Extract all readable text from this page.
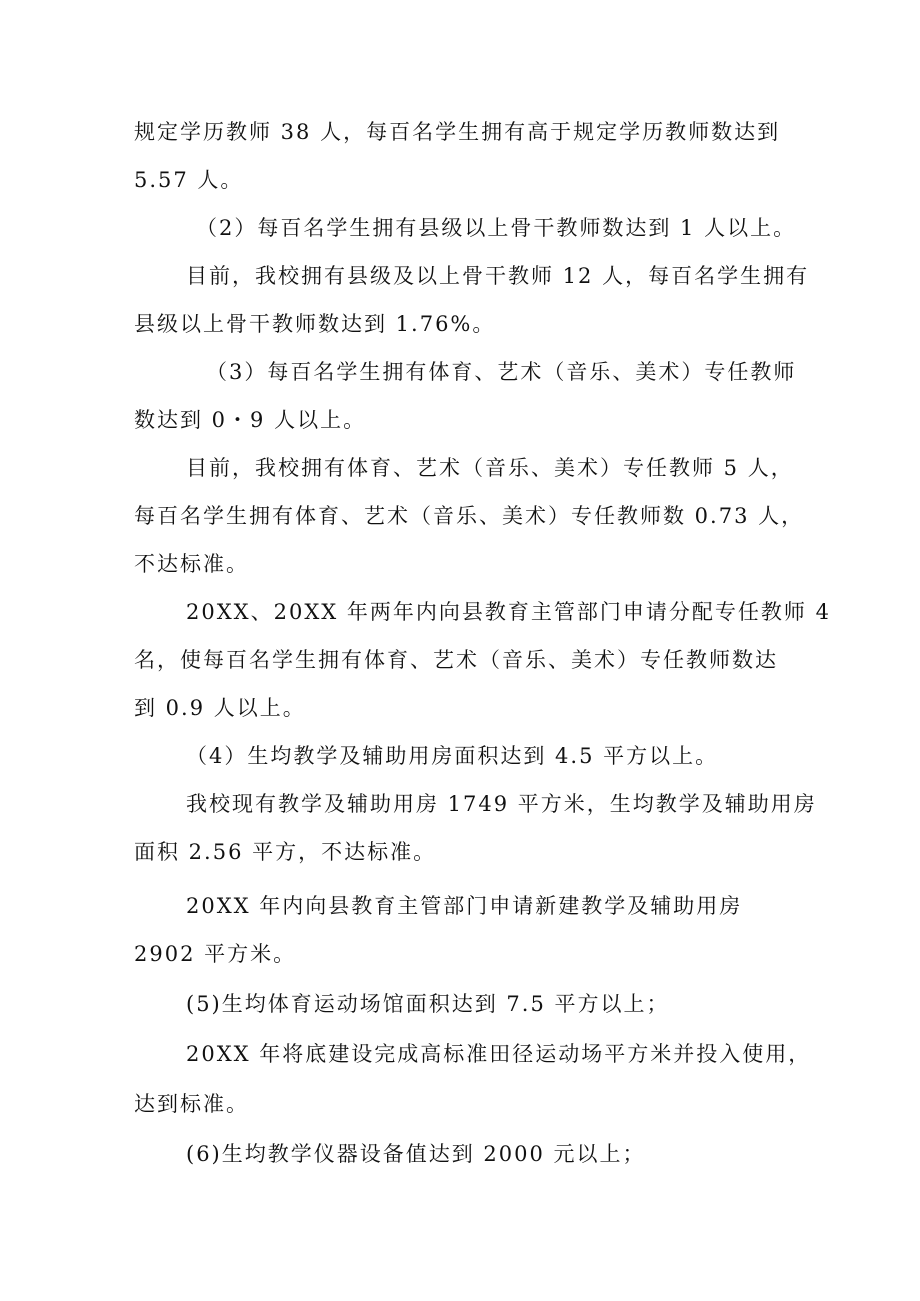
规定学历教师 38 人，每百名学生拥有高于规定学历教师数达到
5.57 人。
（2）每百名学生拥有县级以上骨干教师数达到 1 人以上。
目前，我校拥有县级及以上骨干教师 12 人，每百名学生拥有
县级以上骨干教师数达到 1.76%。
（3）每百名学生拥有体育、艺术（音乐、美术）专任教师
数达到 0・9 人以上。
目前，我校拥有体育、艺术（音乐、美术）专任教师 5 人，
每百名学生拥有体育、艺术（音乐、美术）专任教师数 0.73 人，
不达标准。
20XX、20XX 年两年内向县教育主管部门申请分配专任教师 4
名，使每百名学生拥有体育、艺术（音乐、美术）专任教师数达
到 0.9 人以上。
（4）生均教学及辅助用房面积达到 4.5 平方以上。
我校现有教学及辅助用房 1749 平方米，生均教学及辅助用房
面积 2.56 平方，不达标准。
20XX 年内向县教育主管部门申请新建教学及辅助用房
2902 平方米。
(5)生均体育运动场馆面积达到 7.5 平方以上；
20XX 年将底建设完成高标准田径运动场平方米并投入使用，
达到标准。
(6)生均教学仪器设备值达到 2000 元以上；
